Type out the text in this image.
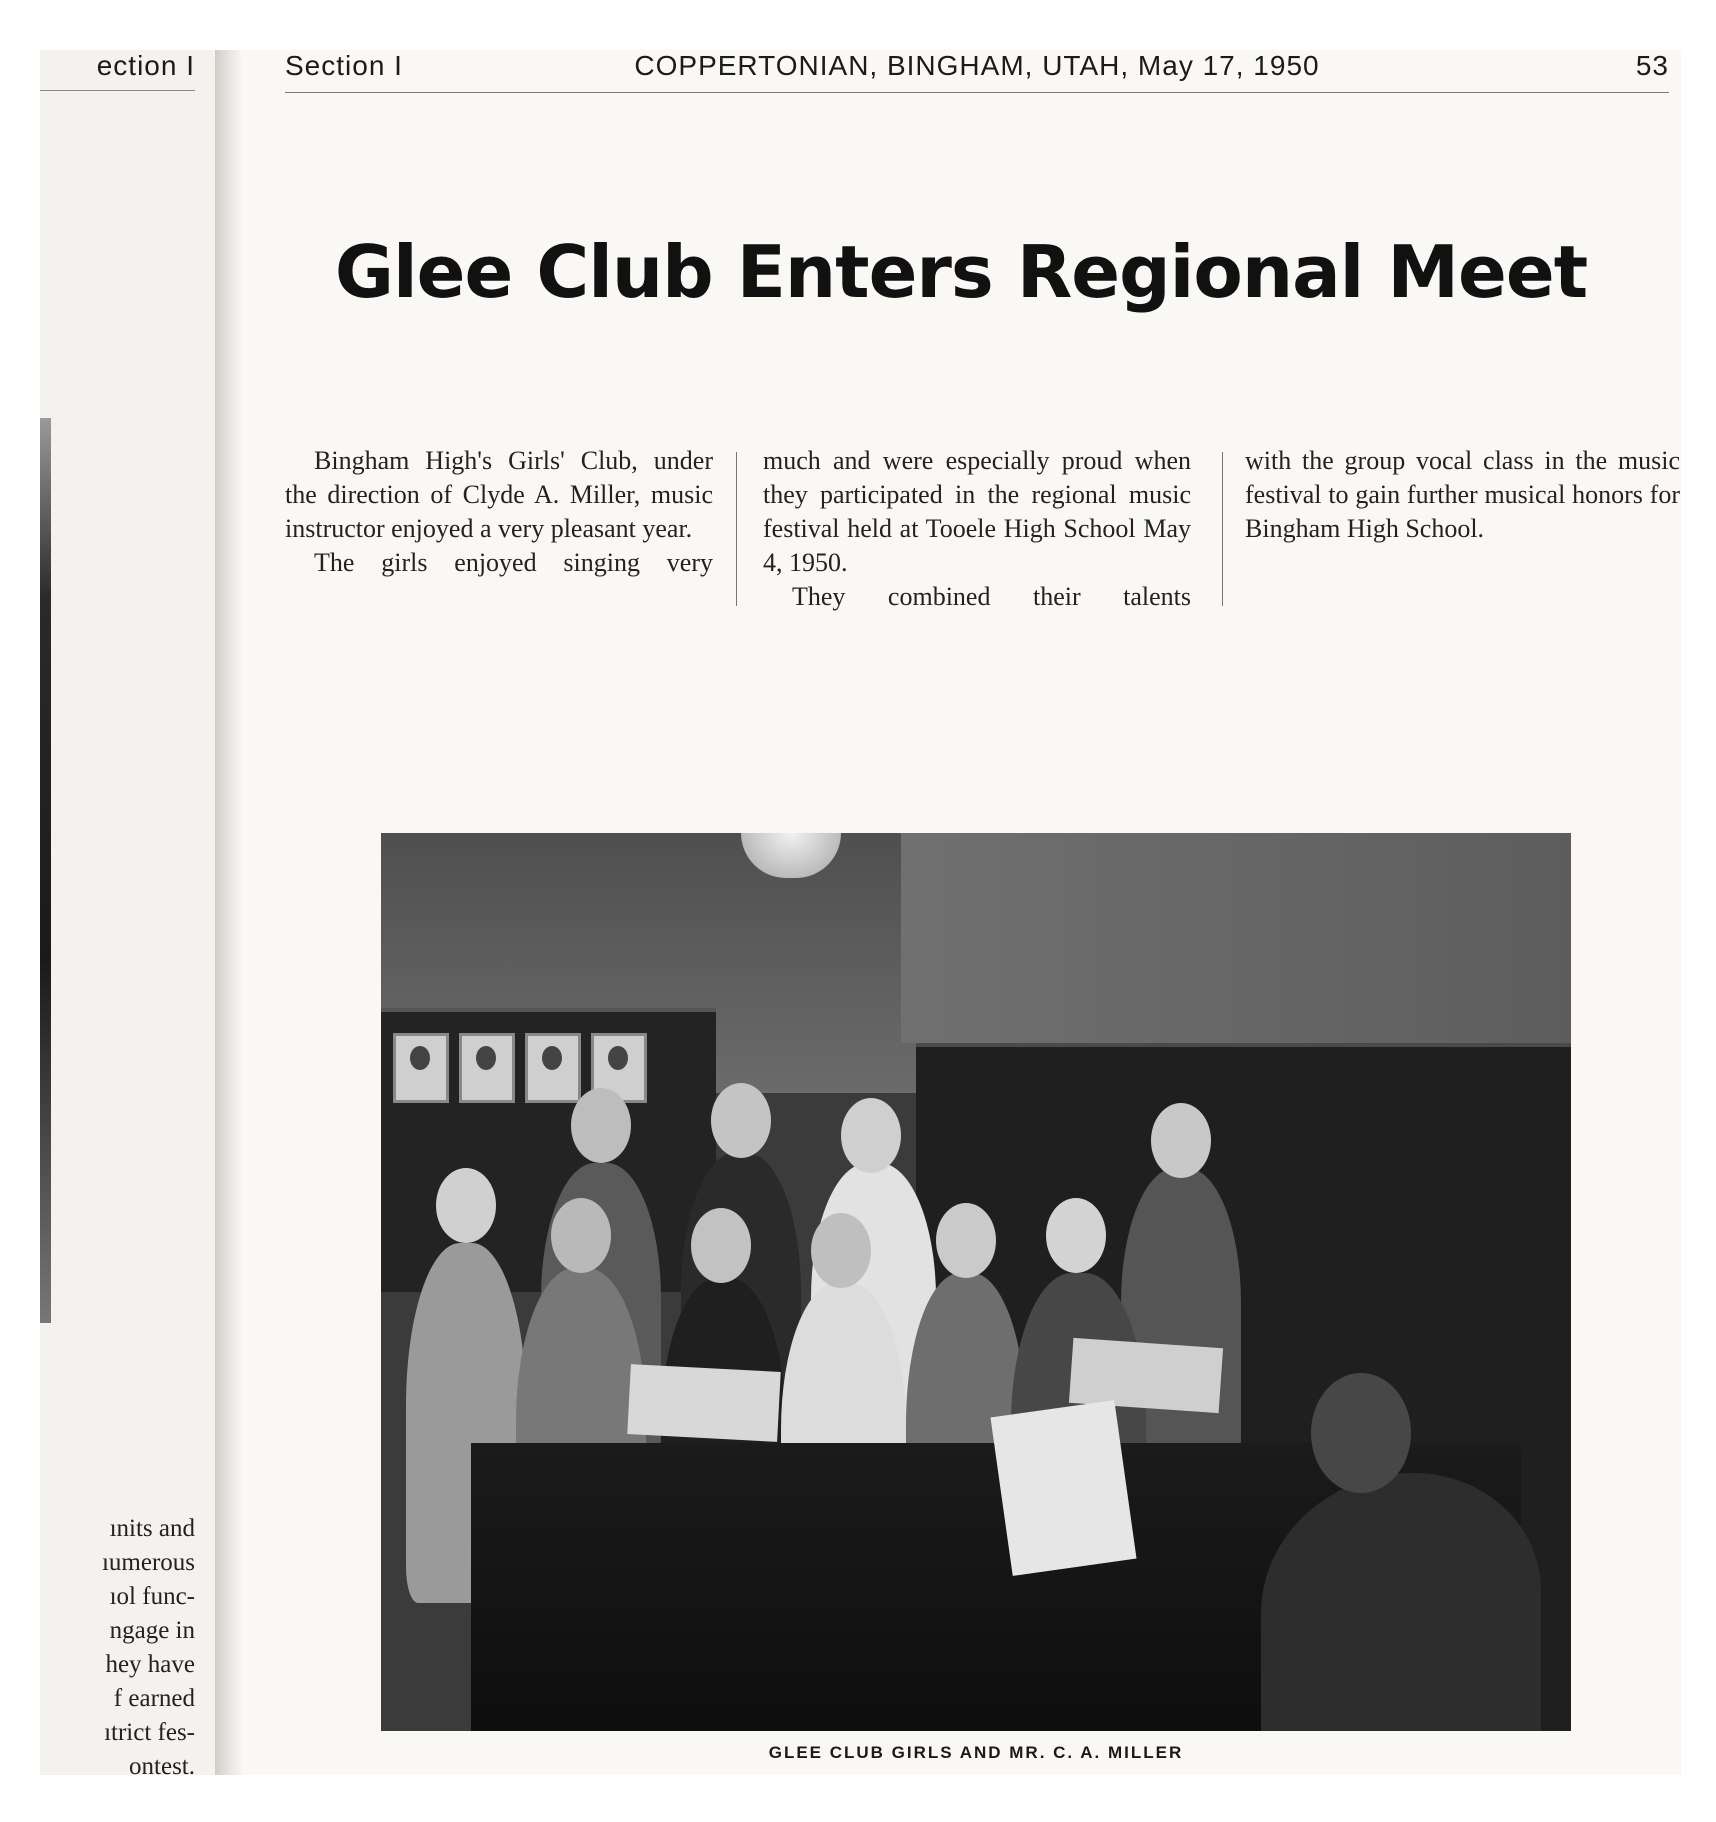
ection I
ınits and
ıumerous
ıol func-
ngage in
hey have
f earned
ıtrict fes-
ontest.
Section I	COPPERTONIAN, BINGHAM, UTAH, May 17, 1950	53
Glee Club Enters Regional Meet

Bingham High's Girls' Club, under the direction of Clyde A. Miller, music instructor enjoyed a very pleasant year.

The girls enjoyed singing very

much and were especially proud when they participated in the regional music festival held at Tooele High School May 4, 1950.

They combined their talents

with the group vocal class in the music festival to gain further musical honors for Bingham High School.

GLEE CLUB GIRLS AND MR. C. A. MILLER
